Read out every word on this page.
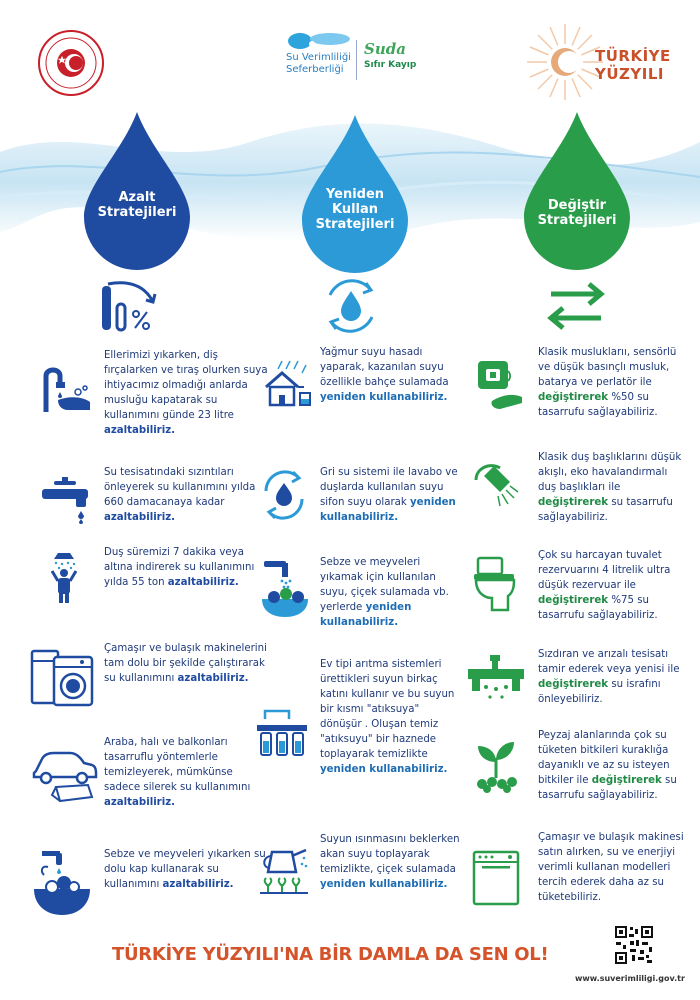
Su Verimliliği
Seferberliği
Suda
Sıfır Kayıp	TÜRKİYE
YÜZYILI
Azalt
Stratejileri
Yeniden
Kullan
Stratejileri
Değiştir
Stratejileri
Ellerimizi yıkarken, diş fırçalarken ve tıraş olurken suya ihtiyacımız olmadığı anlarda musluğu kapatarak su kullanımını günde 23 litre azaltabiliriz.
Su tesisatındaki sızıntıları önleyerek su kullanımını yılda 660 damacanaya kadar azaltabiliriz.
Duş süremizi 7 dakika veya altına indirerek su kullanımını yılda 55 ton azaltabiliriz.
Çamaşır ve bulaşık makinelerini tam dolu bir şekilde çalıştırarak su kullanımını azaltabiliriz.
Araba, halı ve balkonları tasarruflu yöntemlerle temizleyerek, mümkünse sadece silerek su kullanımını azaltabiliriz.
Sebze ve meyveleri yıkarken su dolu kap kullanarak su kullanımını azaltabiliriz.
Yağmur suyu hasadı yaparak, kazanılan suyu özellikle bahçe sulamada yeniden kullanabiliriz.
Gri su sistemi ile lavabo ve duşlarda kullanılan suyu sifon suyu olarak yeniden kullanabiliriz.
Sebze ve meyveleri yıkamak için kullanılan suyu, çiçek sulamada vb. yerlerde yeniden kullanabiliriz.
Ev tipi arıtma sistemleri ürettikleri suyun birkaç katını kullanır ve bu suyun bir kısmı "atıksuya" dönüşür . Oluşan temiz "atıksuyu" bir haznede toplayarak temizlikte yeniden kullanabiliriz.
Suyun ısınmasını beklerken akan suyu toplayarak temizlikte, çiçek sulamada yeniden kullanabiliriz.
Klasik musluklarıı, sensörlü ve düşük basınçlı musluk, batarya ve perlatör ile değiştirerek %50 su tasarrufu sağlayabiliriz.
Klasik duş başlıklarını düşük akışlı, eko havalandırmalı duş başlıkları ile değiştirerek su tasarrufu sağlayabiliriz.
Çok su harcayan tuvalet rezervuarını 4 litrelik ultra düşük rezervuar ile değiştirerek %75 su tasarrufu sağlayabiliriz.
Sızdıran ve arızalı tesisatı tamir ederek veya yenisi ile değiştirerek su israfını önleyebiliriz.
Peyzaj alanlarında çok su tüketen bitkileri kuraklığa dayanıklı ve az su isteyen bitkiler ile değiştirerek su tasarrufu sağlayabiliriz.
Çamaşır ve bulaşık makinesi satın alırken, su ve enerjiyi verimli kullanan modelleri tercih ederek daha az su tüketebiliriz.
TÜRKİYE YÜZYILI'NA BİR DAMLA DA SEN OL!
www.suverimliligi.gov.tr
